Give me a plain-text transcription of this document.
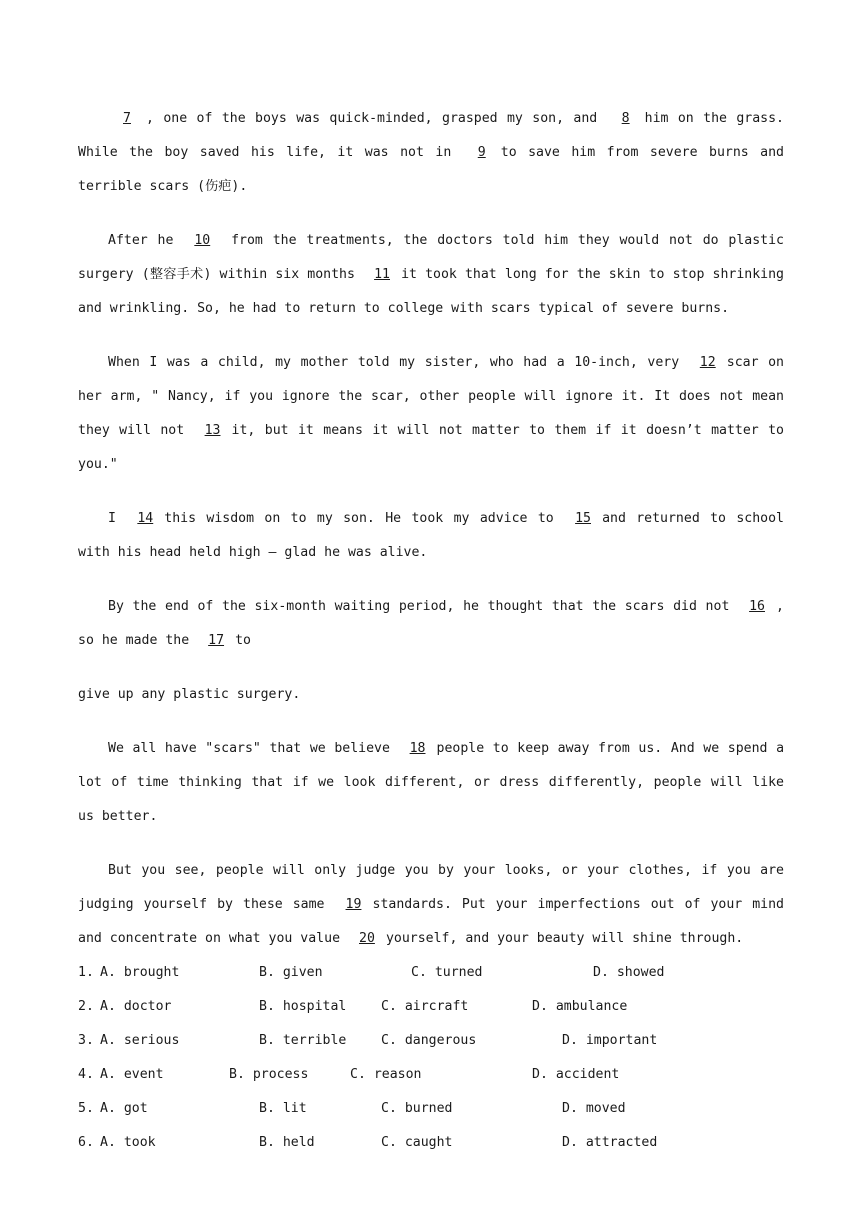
7 , one of the boys was quick-minded, grasped my son, and 8 him on the grass. While the boy saved his life, it was not in 9 to save him from severe burns and terrible scars (伤疤).

After he 10 from the treatments, the doctors told him they would not do plastic surgery (整容手术) within six months 11 it took that long for the skin to stop shrinking and wrinkling. So, he had to return to college with scars typical of severe burns.

When I was a child, my mother told my sister, who had a 10-inch, very 12 scar on her arm, " Nancy, if you ignore the scar, other people will ignore it. It does not mean they will not 13 it, but it means it will not matter to them if it doesn’t matter to you."

I 14 this wisdom on to my son. He took my advice to 15 and returned to school with his head held high — glad he was alive.

By the end of the six-month waiting period, he thought that the scars did not 16 , so he made the 17 to

give up any plastic surgery.

We all have "scars" that we believe 18 people to keep away from us. And we spend a lot of time thinking that if we look different, or dress differently, people will like us better.

But you see, people will only judge you by your looks, or your clothes, if you are judging yourself by these same 19 standards. Put your imperfections out of your mind and concentrate on what you value 20 yourself, and your beauty will shine through.

1. A. brought	B. given	C. turned	D. showed
2. A. doctor	B. hospital	C. aircraft	D. ambulance
3. A. serious	B. terrible	C. dangerous	D. important
4. A. event	B. process	C. reason	D. accident
5. A. got	B. lit	C. burned	D. moved
6. A. took	B. held	C. caught	D. attracted
